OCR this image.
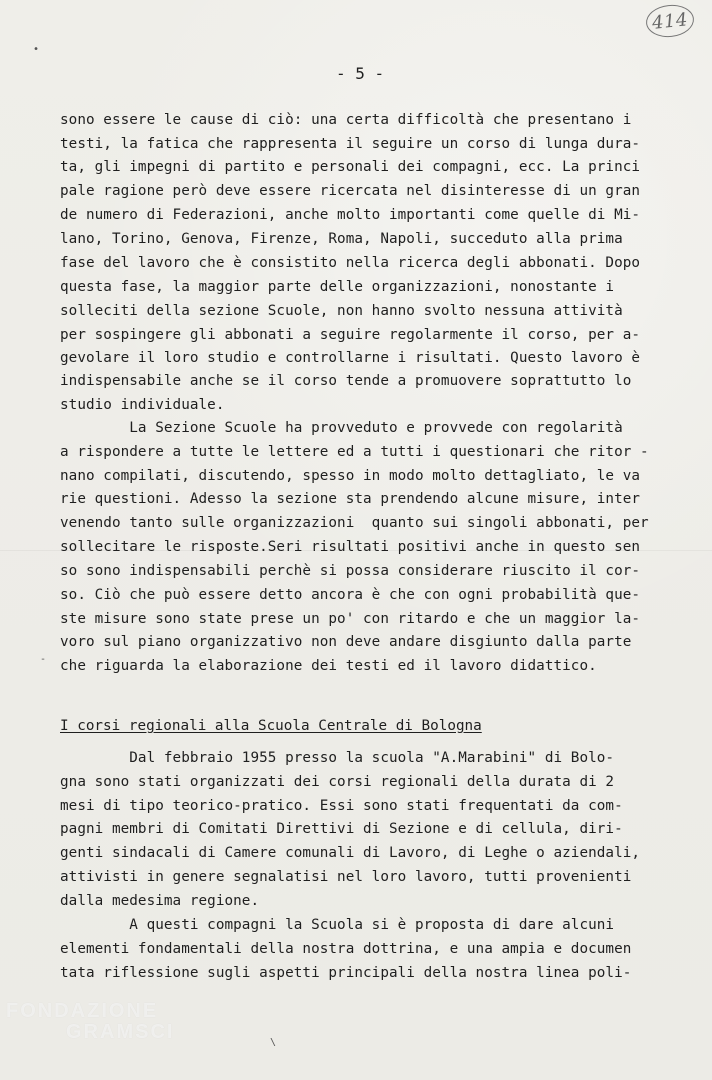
414
- 5 -
•
-
\
sono essere le cause di ciò: una certa difficoltà che presentano i
testi, la fatica che rappresenta il seguire un corso di lunga dura-
ta, gli impegni di partito e personali dei compagni, ecc. La princi
pale ragione però deve essere ricercata nel disinteresse di un gran
de numero di Federazioni, anche molto importanti come quelle di Mi-
lano, Torino, Genova, Firenze, Roma, Napoli, succeduto alla prima
fase del lavoro che è consistito nella ricerca degli abbonati. Dopo
questa fase, la maggior parte delle organizzazioni, nonostante i
solleciti della sezione Scuole, non hanno svolto nessuna attività
per sospingere gli abbonati a seguire regolarmente il corso, per a-
gevolare il loro studio e controllarne i risultati. Questo lavoro è
indispensabile anche se il corso tende a promuovere soprattutto lo
studio individuale.
La Sezione Scuole ha provveduto e provvede con regolarità
a rispondere a tutte le lettere ed a tutti i questionari che ritor -
nano compilati, discutendo, spesso in modo molto dettagliato, le va
rie questioni. Adesso la sezione sta prendendo alcune misure, inter
venendo tanto sulle organizzazioni  quanto sui singoli abbonati, per
sollecitare le risposte.Seri risultati positivi anche in questo sen
so sono indispensabili perchè si possa considerare riuscito il cor-
so. Ciò che può essere detto ancora è che con ogni probabilità que-
ste misure sono state prese un po' con ritardo e che un maggior la-
voro sul piano organizzativo non deve andare disgiunto dalla parte
che riguarda la elaborazione dei testi ed il lavoro didattico.
I corsi regionali alla Scuola Centrale di Bologna
Dal febbraio 1955 presso la scuola "A.Marabini" di Bolo-
gna sono stati organizzati dei corsi regionali della durata di 2
mesi di tipo teorico-pratico. Essi sono stati frequentati da com-
pagni membri di Comitati Direttivi di Sezione e di cellula, diri-
genti sindacali di Camere comunali di Lavoro, di Leghe o aziendali,
attivisti in genere segnalatisi nel loro lavoro, tutti provenienti
dalla medesima regione.
A questi compagni la Scuola si è proposta di dare alcuni
elementi fondamentali della nostra dottrina, e una ampia e documen
tata riflessione sugli aspetti principali della nostra linea poli-
FONDAZIONE
GRAMSCI
